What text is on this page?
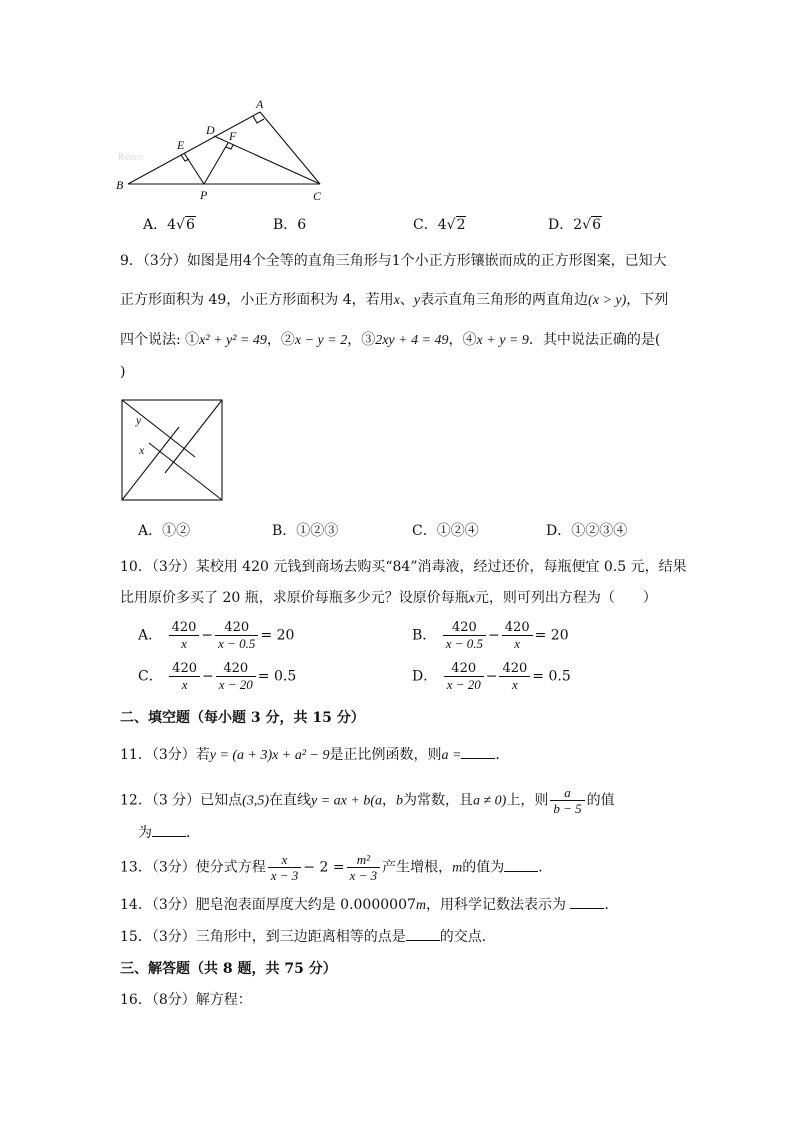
Rezco
A
B
C
D
E
F
P
A．4√6	B．6	C．4√2	D．2√6
9．（3分）如图是用4个全等的直角三角形与1个小正方形镶嵌而成的正方形图案，已知大
正方形面积为 49，小正方形面积为 4，若用x、y表示直角三角形的两直角边(x > y)，下列
四个说法: ①x² + y² = 49，②x − y = 2，③2xy + 4 = 49，④x + y = 9．其中说法正确的是(
)
y
x
A．①②	B．①②③	C．①②④	D．①②③④
10．（3分）某校用 420 元钱到商场去购买“84”消毒液，经过还价，每瓶便宜 0.5 元，结果
比用原价多买了 20 瓶，求原价每瓶多少元？设原价每瓶x元，则可列出方程为（　　）
A． $\frac{420}{x} - \frac{420}{x - 0.5} = 20$	B． $\frac{420}{x - 0.5} - \frac{420}{x} = 20$
C． $\frac{420}{x} - \frac{420}{x - 20} = 0.5$	D． $\frac{420}{x - 20} - \frac{420}{x} = 0.5$
二、填空题（每小题 3 分，共 15 分）
11．（3分）若y = (a + 3)x + a² − 9是正比例函数，则a = ．
12．（3 分）已知点(3,5)在直线y = ax + b(a，b为常数，且a ≠ 0)上，则 $\frac{a}{b - 5}$ 的值
为 ．
13．（3分）使分式方程 $\frac{x}{x - 3} - 2 = \frac{\text{m²}}{x - 3}$ 产生增根，m的值为 ．
14．（3分）肥皂泡表面厚度大约是 0.0000007m，用科学记数法表示为	．
15．（3分）三角形中，到三边距离相等的点是 的交点．
三、解答题（共 8 题，共 75 分）
16．（8分）解方程：
